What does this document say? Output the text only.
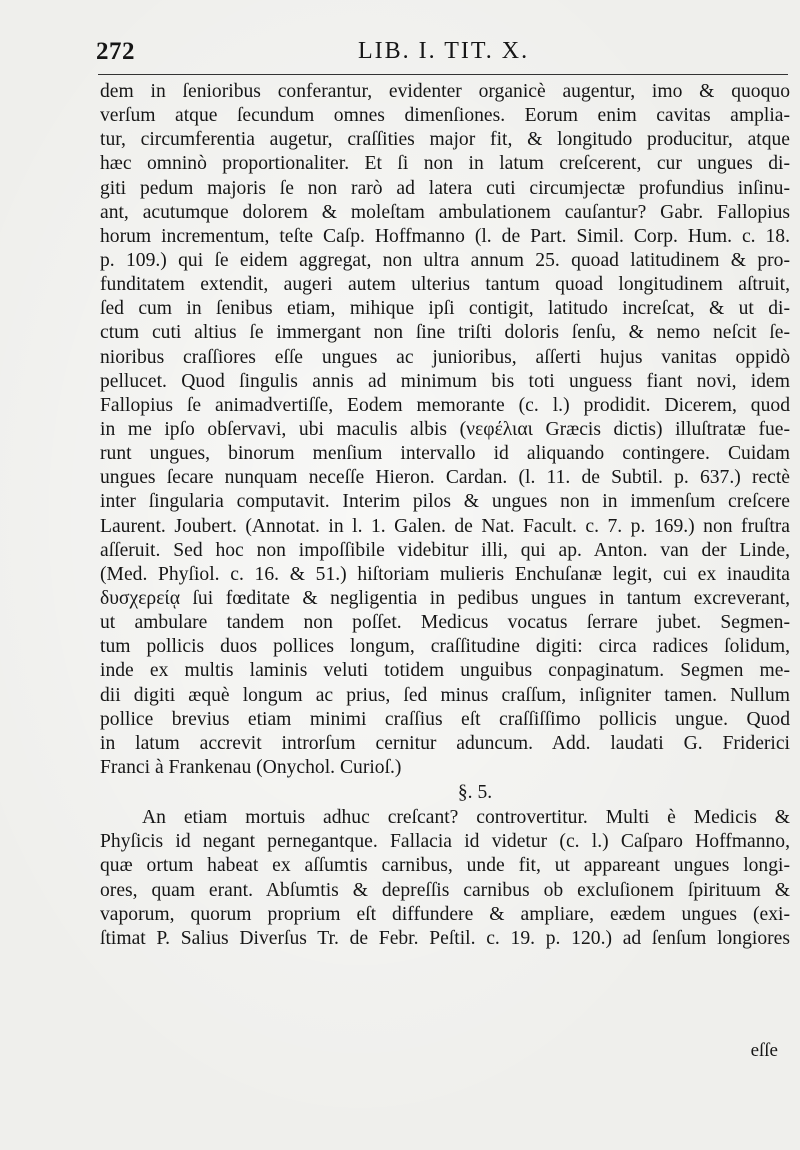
272	LIB. I. TIT. X.
dem in ſenioribus conferantur, evidenter organicè augentur, imo & quoquo
verſum atque ſecundum omnes dimenſiones. Eorum enim cavitas amplia-
tur, circumferentia augetur, craſſities major fit, & longitudo producitur, atque
hæc omninò proportionaliter. Et ſi non in latum creſcerent, cur ungues di-
giti pedum majoris ſe non rarò ad latera cuti circumjectæ profundius inſinu-
ant, acutumque dolorem & moleſtam ambulationem cauſantur? Gabr. Fallopius
horum incrementum, teſte Caſp. Hoffmanno (l. de Part. Simil. Corp. Hum. c. 18.
p. 109.) qui ſe eidem aggregat, non ultra annum 25. quoad latitudinem & pro-
funditatem extendit, augeri autem ulterius tantum quoad longitudinem aſtruit,
ſed cum in ſenibus etiam, mihique ipſi contigit, latitudo increſcat, & ut di-
ctum cuti altius ſe immergant non ſine triſti doloris ſenſu, & nemo neſcit ſe-
nioribus craſſiores eſſe ungues ac junioribus, aſſerti hujus vanitas oppidò
pellucet. Quod ſingulis annis ad minimum bis toti unguess fiant novi, idem
Fallopius ſe animadvertiſſe, Eodem memorante (c. l.) prodidit. Dicerem, quod
in me ipſo obſervavi, ubi maculis albis (νεφέλιαι Græcis dictis) illuſtratæ fue-
runt ungues, binorum menſium intervallo id aliquando contingere. Cuidam
ungues ſecare nunquam neceſſe Hieron. Cardan. (l. 11. de Subtil. p. 637.) rectè
inter ſingularia computavit. Interim pilos & ungues non in immenſum creſcere
Laurent. Joubert. (Annotat. in l. 1. Galen. de Nat. Facult. c. 7. p. 169.) non fruſtra
aſſeruit. Sed hoc non impoſſibile videbitur illi, qui ap. Anton. van der Linde,
(Med. Phyſiol. c. 16. & 51.) hiſtoriam mulieris Enchuſanæ legit, cui ex inaudita
δυσχερείᾳ ſui fœditate & negligentia in pedibus ungues in tantum excreverant,
ut ambulare tandem non poſſet. Medicus vocatus ſerrare jubet. Segmen-
tum pollicis duos pollices longum, craſſitudine digiti: circa radices ſolidum,
inde ex multis laminis veluti totidem unguibus conpaginatum. Segmen me-
dii digiti æquè longum ac prius, ſed minus craſſum, inſigniter tamen. Nullum
pollice brevius etiam minimi craſſius eſt craſſiſſimo pollicis ungue. Quod
in latum accrevit introrſum cernitur aduncum. Add. laudati G. Friderici
Franci à Frankenau (Onychol. Curioſ.)
§. 5.
An etiam mortuis adhuc creſcant? controvertitur. Multi è Medicis &
Phyſicis id negant pernegantque. Fallacia id videtur (c. l.) Caſparo Hoffmanno,
quæ ortum habeat ex aſſumtis carnibus, unde fit, ut appareant ungues longi-
ores, quam erant. Abſumtis & depreſſis carnibus ob excluſionem ſpirituum &
vaporum, quorum proprium eſt diffundere & ampliare, eædem ungues (exi-
ſtimat P. Salius Diverſus Tr. de Febr. Peſtil. c. 19. p. 120.) ad ſenſum longiores
eſſe
